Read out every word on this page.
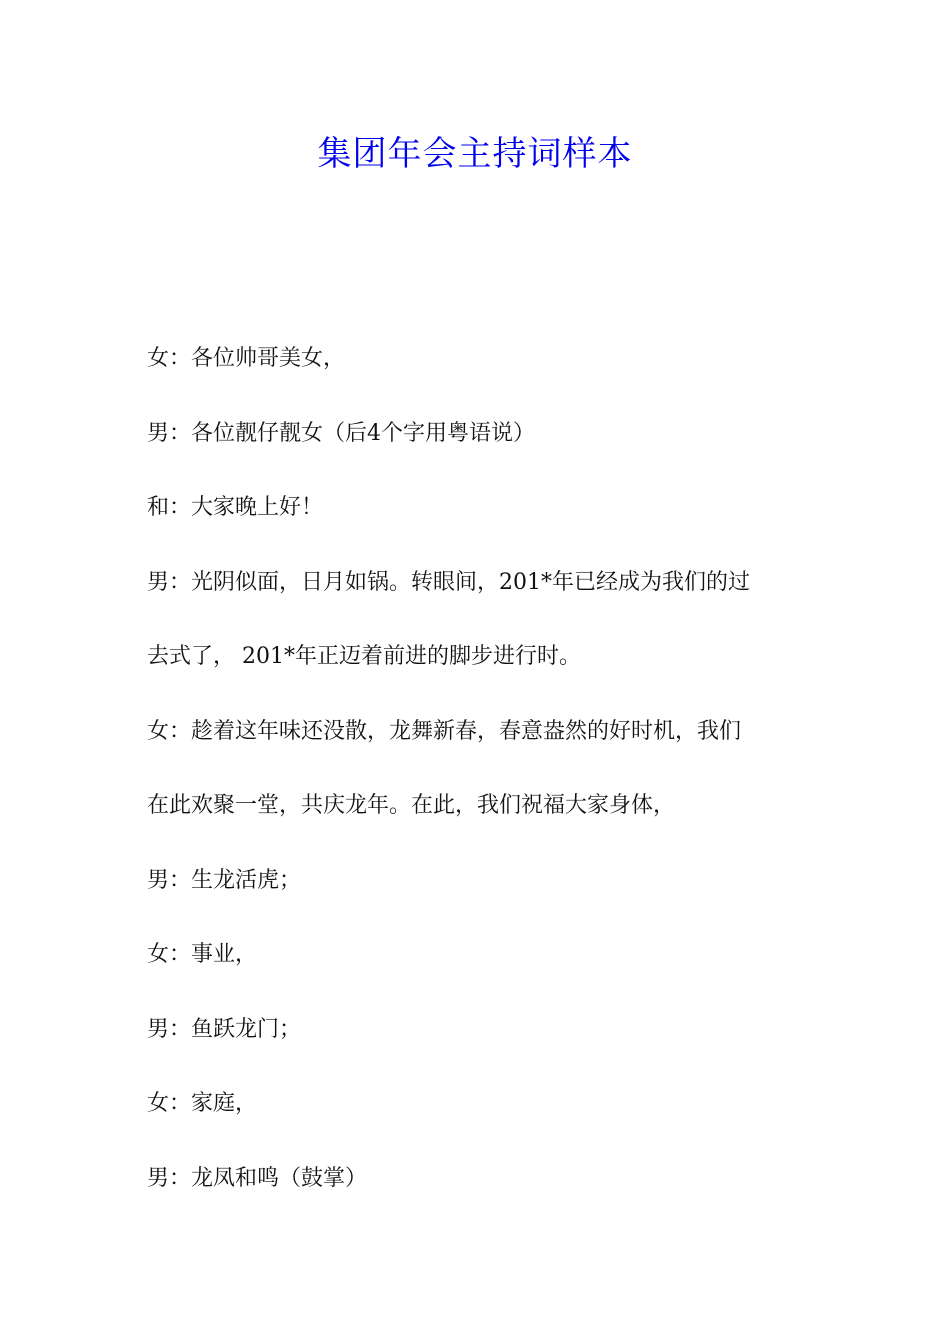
集团年会主持词样本
女：各位帅哥美女，
男：各位靓仔靓女（后4个字用粤语说）
和：大家晚上好！
男：光阴似面，日月如锅。转眼间，201*年已经成为我们的过
去式了， 201*年正迈着前进的脚步进行时。
女：趁着这年味还没散，龙舞新春，春意盎然的好时机，我们
在此欢聚一堂，共庆龙年。在此，我们祝福大家身体，
男：生龙活虎；
女：事业，
男：鱼跃龙门；
女：家庭，
男：龙凤和鸣（鼓掌）
